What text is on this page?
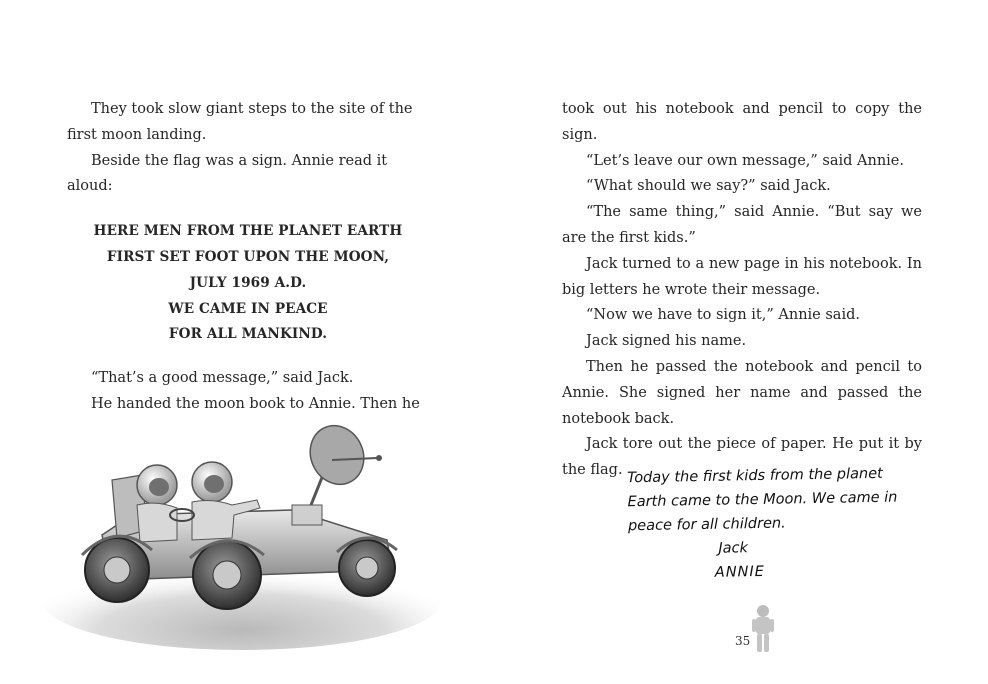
They took slow giant steps to the site of the first moon landing.

Beside the flag was a sign. Annie read it aloud:

HERE MEN FROM THE PLANET EARTH
FIRST SET FOOT UPON THE MOON,
JULY 1969 A.D.
WE CAME IN PEACE
FOR ALL MANKIND.

“That’s a good message,” said Jack.

He handed the moon book to Annie. Then he

took out his notebook and pencil to copy the sign.

“Let’s leave our own message,” said Annie.

“What should we say?” said Jack.

“The same thing,” said Annie. “But say we are the first kids.”

Jack turned to a new page in his notebook. In big letters he wrote their message.

“Now we have to sign it,” Annie said.

Jack signed his name.

Then he passed the notebook and pencil to Annie. She signed her name and passed the notebook back.

Jack tore out the piece of paper. He put it by the flag. Today the first kids from the planet
Earth came to the Moon. We came in
peace for all children.
Jack
ANNIE
35
